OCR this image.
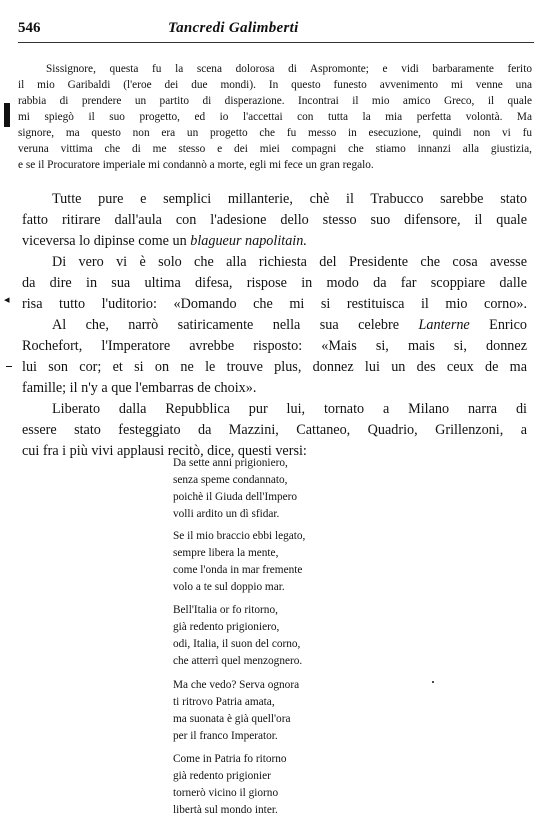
546	Tancredi Galimberti
◂
Sissignore, questa fu la scena dolorosa di Aspromonte; e vidi barbaramente ferito
il mio Garibaldi (l'eroe dei due mondi). In questo funesto avvenimento mi venne una
rabbia di prendere un partito di disperazione. Incontrai il mio amico Greco, il quale
mi spiegò il suo progetto, ed io l'accettai con tutta la mia perfetta volontà. Ma
signore, ma questo non era un progetto che fu messo in esecuzione, quindi non vi fu
veruna vittima che di me stesso e dei miei compagni che stiamo innanzi alla giustizia,
e se il Procuratore imperiale mi condannò a morte, egli mi fece un gran regalo.
Tutte pure e semplici millanterie, chè il Trabucco sarebbe stato
fatto ritirare dall'aula con l'adesione dello stesso suo difensore, il quale
viceversa lo dipinse come un blagueur napolitain.
Di vero vi è solo che alla richiesta del Presidente che cosa avesse
da dire in sua ultima difesa, rispose in modo da far scoppiare dalle
risa tutto l'uditorio: «Domando che mi si restituisca il mio corno».
Al che, narrò satiricamente nella sua celebre Lanterne Enrico
Rochefort, l'Imperatore avrebbe risposto: «Mais si, mais si, donnez
lui son cor; et si on ne le trouve plus, donnez lui un des ceux de ma
famille; il n'y a que l'embarras de choix».
Liberato dalla Repubblica pur lui, tornato a Milano narra di
essere stato festeggiato da Mazzini, Cattaneo, Quadrio, Grillenzoni, a
cui fra i più vivi applausi recitò, dice, questi versi:
Da sette anni prigioniero,
senza speme condannato,
poichè il Giuda dell'Impero
volli ardito un dì sfidar.
Se il mio braccio ebbi legato,
sempre libera la mente,
come l'onda in mar fremente
volo a te sul doppio mar.
Bell'Italia or fo ritorno,
già redento prigioniero,
odi, Italia, il suon del corno,
che atterrì quel menzognero.
Ma che vedo? Serva ognora
ti ritrovo Patria amata,
ma suonata è già quell'ora
per il franco Imperator.
Come in Patria fo ritorno
già redento prigionier
tornerò vicino il giorno
libertà sul mondo inter.
